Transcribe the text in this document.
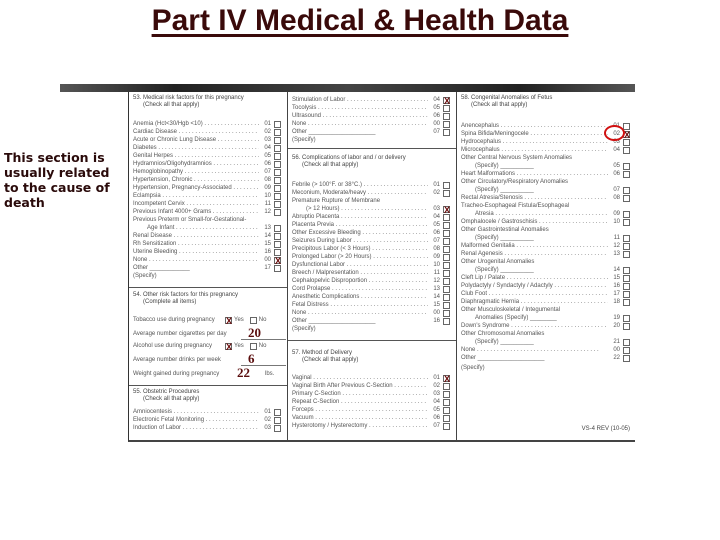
Part IV Medical & Health Data
53. Medical risk factors for this pregnancy
(Check all that apply)
Anemia (Hct<30/Hgb <10) . . .	01
Cardiac Disease . . .	02
Acute or Chronic Lung Disease . . .	03
Diabetes . . .	04
Genital Herpes . . .	05
Hydramnios/Oligohydramnios . . .	06
Hemoglobinopathy . . .	07
Hypertension, Chronic . . .	08
Hypertension, Pregnancy-Associated . . .	09
Eclampsia . . .	10
Incompetent Cervix . . .	11
Previous Infant 4000+ Grams . . .	12
Previous Preterm or Small-for-Gestational-
Age Infant . . .	13
Renal Disease . . .	14
Rh Sensitization . . .	15
Uterine Bleeding . . .	16
None . . .	00 X
Other ____________	17
(Specify)
54. Other risk factors for this pregnancy
(Complete all items)
Tobacco use during pregnancy	X Yes	No
Average number cigarettes per day 20
Alcohol use during pregnancy	X Yes	No
Average number drinks per week 6
Weight gained during pregnancy 22	lbs.
55. Obstetric Procedures
(Check all that apply)
Amniocentesis . . .	01
Electronic Fetal Monitoring . . .	02
Induction of Labor . . .	03
Stimulation of Labor . . .	04 X
Tocolysis . . .	05
Ultrasound . . .	06
None . . .	00
Other ____________________	07
(Specify)
56. Complications of labor and / or delivery
(Check all that apply)
Febrile (> 100°F. or 38°C.) . . .	01
Meconium, Moderate/heavy . . .	02
Premature Rupture of Membrane
(> 12 Hours) . . .	03 X
Abruptio Placenta . . .	04
Placenta Previa . . .	05
Other Excessive Bleeding . . .	06
Seizures During Labor . . .	07
Precipitous Labor (< 3 Hours) . . .	08
Prolonged Labor (> 20 Hours) . . .	09
Dysfunctional Labor . . .	10
Breech / Malpresentation . . .	11
Cephalopelvic Disproportion . . .	12
Cord Prolapse . . .	13
Anesthetic Complications . . .	14
Fetal Distress . . .	15
None . . .	00
Other ____________________	16
(Specify)
57. Method of Delivery
(Check all that apply)
Vaginal . . .	01 X
Vaginal Birth After Previous C-Section . . .	02
Primary C-Section . . .	03
Repeat C-Section . . .	04
Forceps . . .	05
Vacuum . . .	06
Hysterotomy / Hysterectomy . . .	07
58. Congenital Anomalies of Fetus
(Check all that apply)
Anencephalus . . .	01
Spina Bifida/Meningocele . . .	02 X
Hydrocephalus . . .	03
Microcephalus . . .	04
Other Central Nervous System Anomalies
(Specify) __________	05
Heart Malformations . . .	06
Other Circulatory/Respiratory Anomalies
(Specify) __________	07
Rectal Atresia/Stenosis . . .	08
Tracheo-Esophageal Fistula/Esophageal
Atresia . . .	09
Omphalocele / Gastroschisis . . .	10
Other Gastrointestinal Anomalies
(Specify) __________	11
Malformed Genitalia . . .	12
Renal Agenesis . . .	13
Other Urogenital Anomalies
(Specify) __________	14
Cleft Lip / Palate . . .	15
Polydactyly / Syndactyly / Adactyly . . .	16
Club Foot . . .	17
Diaphragmatic Hernia . . .	18
Other Musculoskeletal / Integumental
Anomalies (Specify) ________	19
Down's Syndrome . . .	20
Other Chromosomal Anomalies
(Specify) __________	21
None . . .	00
Other ____________________	22
(Specify)
VS-4 REV (10-05)
This section is usually related to the cause of death
